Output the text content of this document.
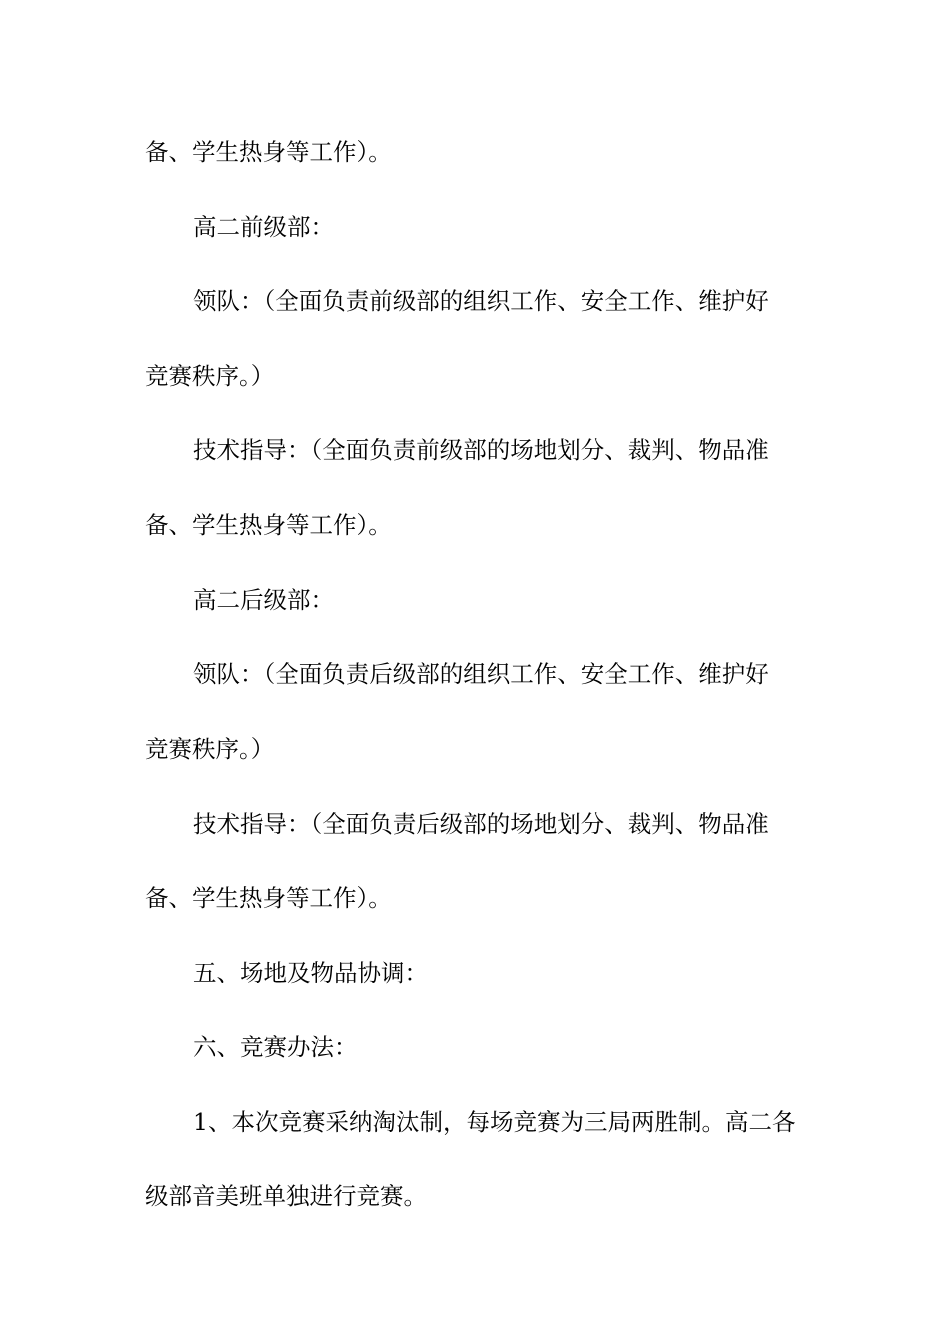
备、学生热身等工作）。
高二前级部：
领队：（全面负责前级部的组织工作、安全工作、维护好
竞赛秩序。）
技术指导：（全面负责前级部的场地划分、裁判、物品准
备、学生热身等工作）。
高二后级部：
领队：（全面负责后级部的组织工作、安全工作、维护好
竞赛秩序。）
技术指导：（全面负责后级部的场地划分、裁判、物品准
备、学生热身等工作）。
五、场地及物品协调：
六、竞赛办法：
1、本次竞赛采纳淘汰制，每场竞赛为三局两胜制。高二各
级部音美班单独进行竞赛。
